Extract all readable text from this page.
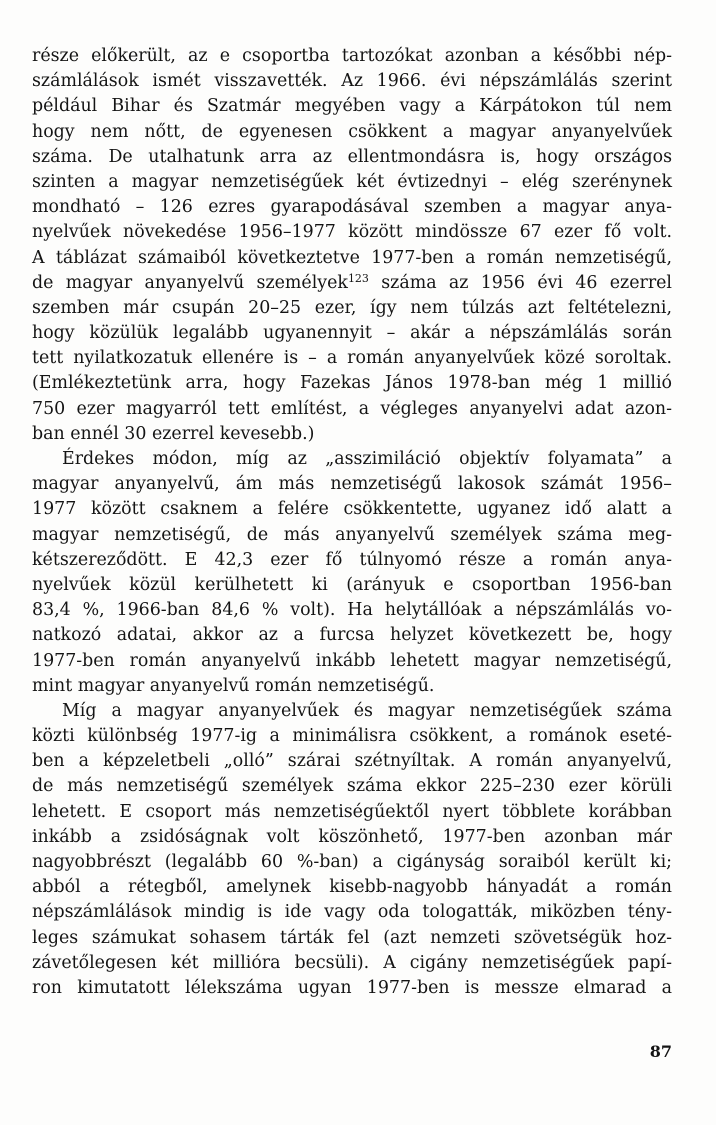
része előkerült, az e csoportba tartozókat azonban a későbbi nép-
számlálások ismét visszavették. Az 1966. évi népszámlálás szerint
például Bihar és Szatmár megyében vagy a Kárpátokon túl nem
hogy nem nőtt, de egyenesen csökkent a magyar anyanyelvűek
száma. De utalhatunk arra az ellentmondásra is, hogy országos
szinten a magyar nemzetiségűek két évtizednyi – elég szerénynek
mondható – 126 ezres gyarapodásával szemben a magyar anya-
nyelvűek növekedése 1956–1977 között mindössze 67 ezer fő volt.
A táblázat számaiból következtetve 1977-ben a román nemzetiségű,
de magyar anyanyelvű személyek$^{123}$ száma az 1956 évi 46 ezerrel
szemben már csupán 20–25 ezer, így nem túlzás azt feltételezni,
hogy közülük legalább ugyanennyit – akár a népszámlálás során
tett nyilatkozatuk ellenére is – a román anyanyelvűek közé soroltak.
(Emlékeztetünk arra, hogy Fazekas János 1978-ban még 1 millió
750 ezer magyarról tett említést, a végleges anyanyelvi adat azon-
ban ennél 30 ezerrel kevesebb.)
Érdekes módon, míg az „asszimiláció objektív folyamata” a
magyar anyanyelvű, ám más nemzetiségű lakosok számát 1956–
1977 között csaknem a felére csökkentette, ugyanez idő alatt a
magyar nemzetiségű, de más anyanyelvű személyek száma meg-
kétszereződött. E 42,3 ezer fő túlnyomó része a román anya-
nyelvűek közül kerülhetett ki (arányuk e csoportban 1956-ban
83,4 %, 1966-ban 84,6 % volt). Ha helytállóak a népszámlálás vo-
natkozó adatai, akkor az a furcsa helyzet következett be, hogy
1977-ben román anyanyelvű inkább lehetett magyar nemzetiségű,
mint magyar anyanyelvű román nemzetiségű.
Míg a magyar anyanyelvűek és magyar nemzetiségűek száma
közti különbség 1977-ig a minimálisra csökkent, a románok eseté-
ben a képzeletbeli „olló” szárai szétnyíltak. A román anyanyelvű,
de más nemzetiségű személyek száma ekkor 225–230 ezer körüli
lehetett. E csoport más nemzetiségűektől nyert többlete korábban
inkább a zsidóságnak volt köszönhető, 1977-ben azonban már
nagyobbrészt (legalább 60 %-ban) a cigányság soraiból került ki;
abból a rétegből, amelynek kisebb-nagyobb hányadát a román
népszámlálások mindig is ide vagy oda tologatták, miközben tény-
leges számukat sohasem tárták fel (azt nemzeti szövetségük hoz-
závetőlegesen két millióra becsüli). A cigány nemzetiségűek papí-
ron kimutatott lélekszáma ugyan 1977-ben is messze elmarad a
87
